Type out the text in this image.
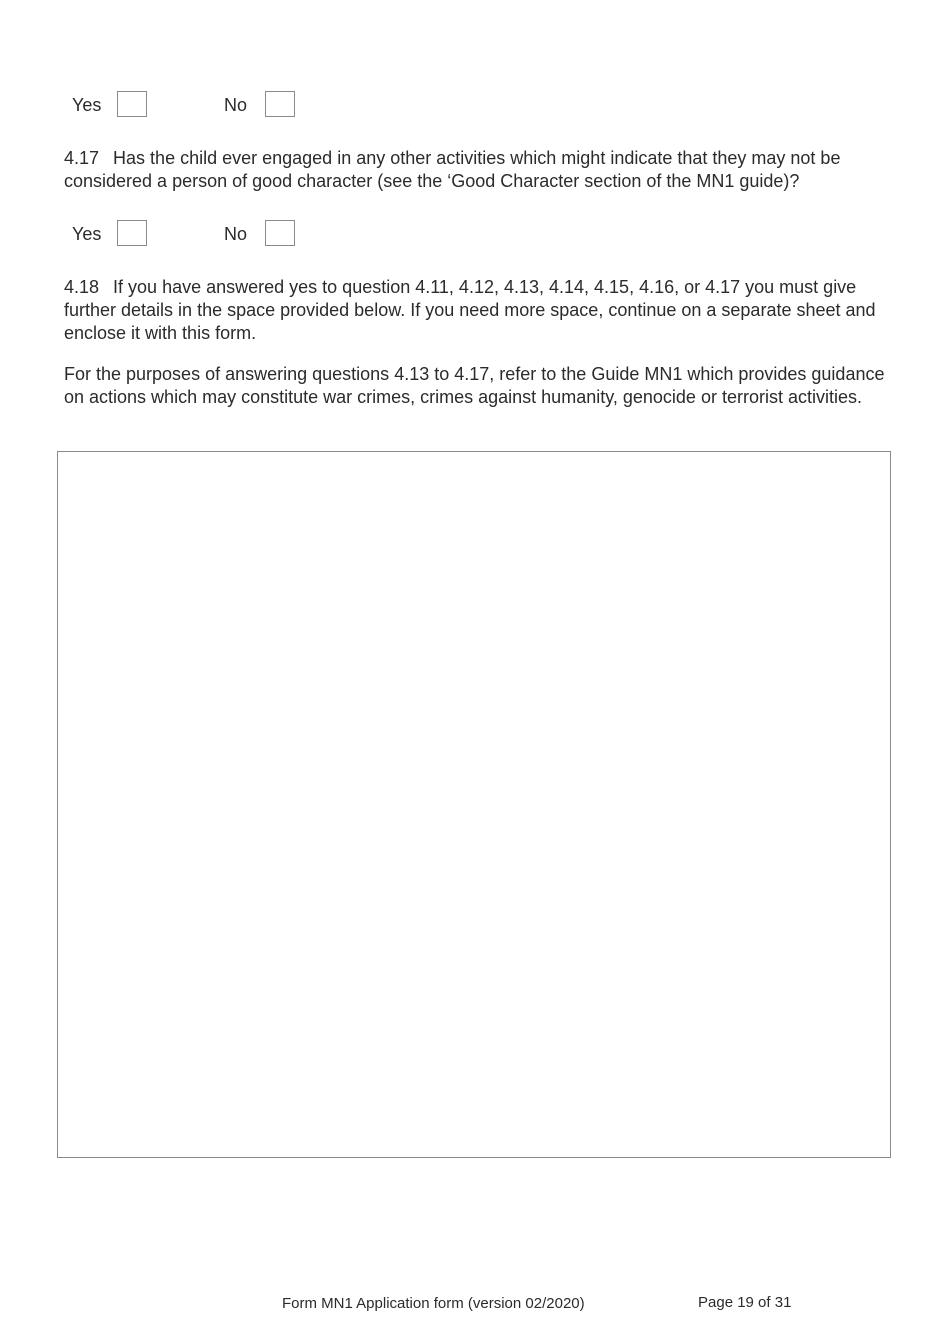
Yes	No

4.17 Has the child ever engaged in any other activities which might indicate that they may not be considered a person of good character (see the ‘Good Character section of the MN1 guide)?

Yes	No

4.18 If you have answered yes to question 4.11, 4.12, 4.13, 4.14, 4.15, 4.16, or 4.17 you must give further details in the space provided below. If you need more space, continue on a separate sheet and enclose it with this form.

For the purposes of answering questions 4.13 to 4.17, refer to the Guide MN1 which provides guidance on actions which may constitute war crimes, crimes against humanity, genocide or terrorist activities.

Form MN1 Application form (version 02/2020)	Page 19 of 31
